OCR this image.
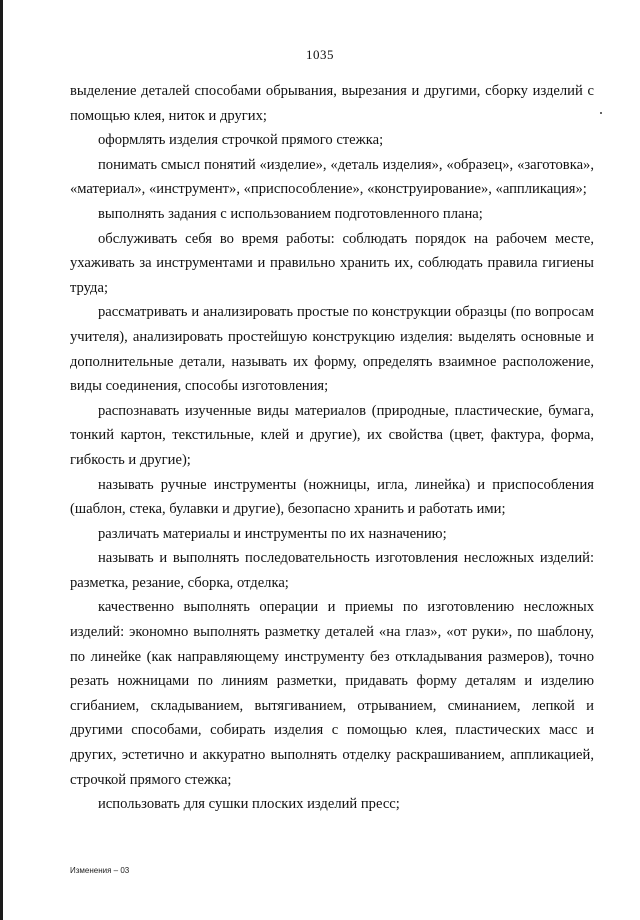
1035

выделение деталей способами обрывания, вырезания и другими, сборку изделий с помощью клея, ниток и других;

оформлять изделия строчкой прямого стежка;

понимать смысл понятий «изделие», «деталь изделия», «образец», «заготовка», «материал», «инструмент», «приспособление», «конструирование», «аппликация»;

выполнять задания с использованием подготовленного плана;

обслуживать себя во время работы: соблюдать порядок на рабочем месте, ухаживать за инструментами и правильно хранить их, соблюдать правила гигиены труда;

рассматривать и анализировать простые по конструкции образцы (по вопросам учителя), анализировать простейшую конструкцию изделия: выделять основные и дополнительные детали, называть их форму, определять взаимное расположение, виды соединения, способы изготовления;

распознавать изученные виды материалов (природные, пластические, бумага, тонкий картон, текстильные, клей и другие), их свойства (цвет, фактура, форма, гибкость и другие);

называть ручные инструменты (ножницы, игла, линейка) и приспособления (шаблон, стека, булавки и другие), безопасно хранить и работать ими;

различать материалы и инструменты по их назначению;

называть и выполнять последовательность изготовления несложных изделий: разметка, резание, сборка, отделка;

качественно выполнять операции и приемы по изготовлению несложных изделий: экономно выполнять разметку деталей «на глаз», «от руки», по шаблону, по линейке (как направляющему инструменту без откладывания размеров), точно резать ножницами по линиям разметки, придавать форму деталям и изделию сгибанием, складыванием, вытягиванием, отрыванием, сминанием, лепкой и другими способами, собирать изделия с помощью клея, пластических масс и других, эстетично и аккуратно выполнять отделку раскрашиванием, аппликацией, строчкой прямого стежка;

использовать для сушки плоских изделий пресс;

Изменения – 03
